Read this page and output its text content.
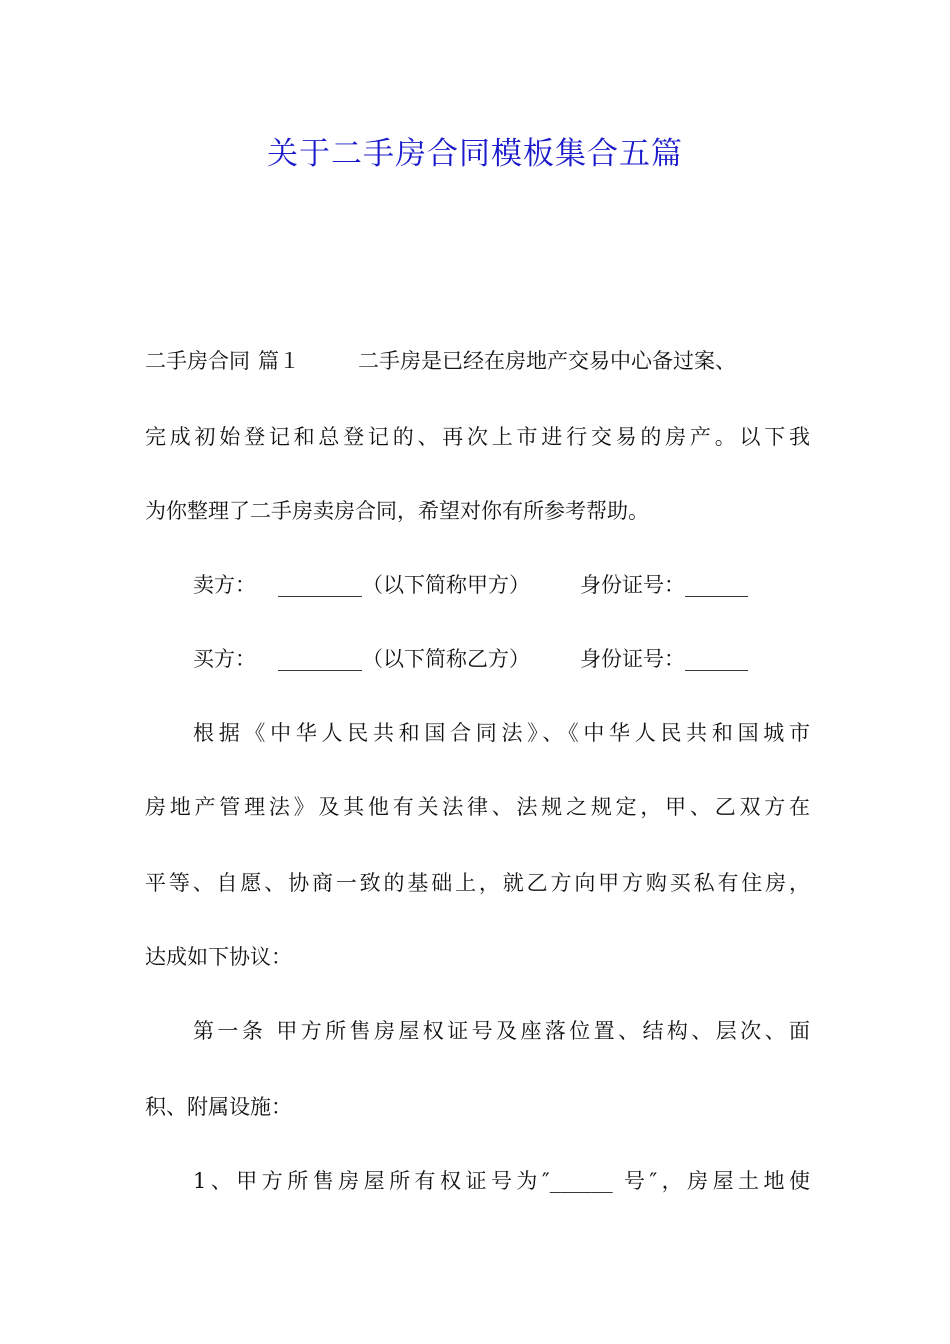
关于二手房合同模板集合五篇
二手房合同 篇１	二手房是已经在房地产交易中心备过案、
完成初始登记和总登记的、再次上市进行交易的房产。以下我
为你整理了二手房卖房合同，希望对你有所参考帮助。
卖方： ________（以下简称甲方） 身份证号：______
买方： ________（以下简称乙方） 身份证号：______
根据《中华人民共和国合同法》、《中华人民共和国城市
房地产管理法》及其他有关法律、法规之规定，甲、乙双方在
平等、自愿、协商一致的基础上，就乙方向甲方购买私有住房，
达成如下协议：
第一条 甲方所售房屋权证号及座落位置、结构、层次、面
积、附属设施：
1、甲方所售房屋所有权证号为″______ 号″，房屋土地使
